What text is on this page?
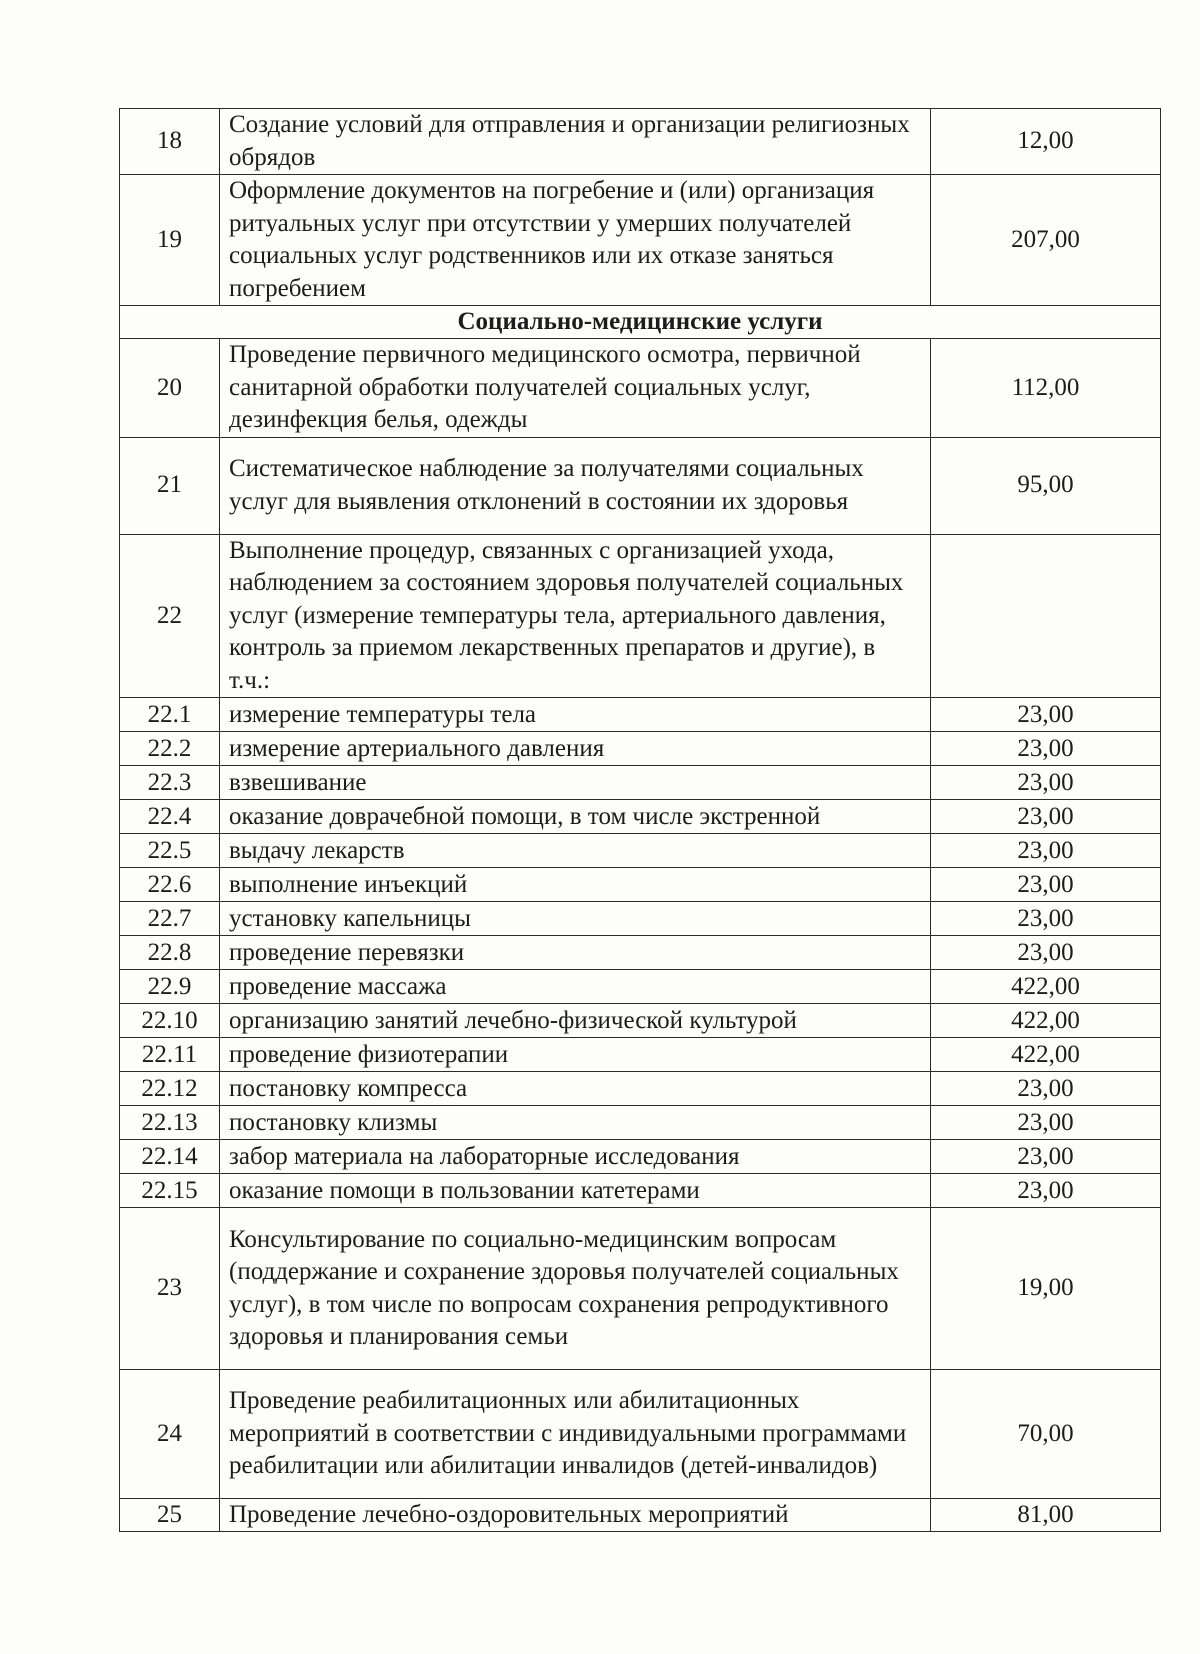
18	Создание условий для отправления и организации религиозных обрядов	12,00
19	Оформление документов на погребение и (или) организация ритуальных услуг при отсутствии у умерших получателей социальных услуг родственников или их отказе заняться погребением	207,00
Социально-медицинские услуги		
20	Проведение первичного медицинского осмотра, первичной санитарной обработки получателей социальных услуг, дезинфекция белья, одежды	112,00
21	Систематическое наблюдение за получателями социальных услуг для выявления отклонений в состоянии их здоровья	95,00
22	Выполнение процедур, связанных с организацией ухода, наблюдением за состоянием здоровья получателей социальных услуг (измерение температуры тела, артериального давления, контроль за приемом лекарственных препаратов и другие), в т.ч.:	
22.1	измерение температуры тела	23,00
22.2	измерение артериального давления	23,00
22.3	взвешивание	23,00
22.4	оказание доврачебной помощи, в том числе экстренной	23,00
22.5	выдачу лекарств	23,00
22.6	выполнение инъекций	23,00
22.7	установку капельницы	23,00
22.8	проведение перевязки	23,00
22.9	проведение массажа	422,00
22.10	организацию занятий лечебно-физической культурой	422,00
22.11	проведение физиотерапии	422,00
22.12	постановку компресса	23,00
22.13	постановку клизмы	23,00
22.14	забор материала на лабораторные исследования	23,00
22.15	оказание помощи в пользовании катетерами	23,00
23	Консультирование по социально-медицинским вопросам (поддержание и сохранение здоровья получателей социальных услуг), в том числе по вопросам сохранения репродуктивного здоровья и планирования семьи	19,00
24	Проведение реабилитационных или абилитационных мероприятий в соответствии с индивидуальными программами реабилитации или абилитации инвалидов (детей-инвалидов)	70,00
25	Проведение лечебно-оздоровительных мероприятий	81,00
